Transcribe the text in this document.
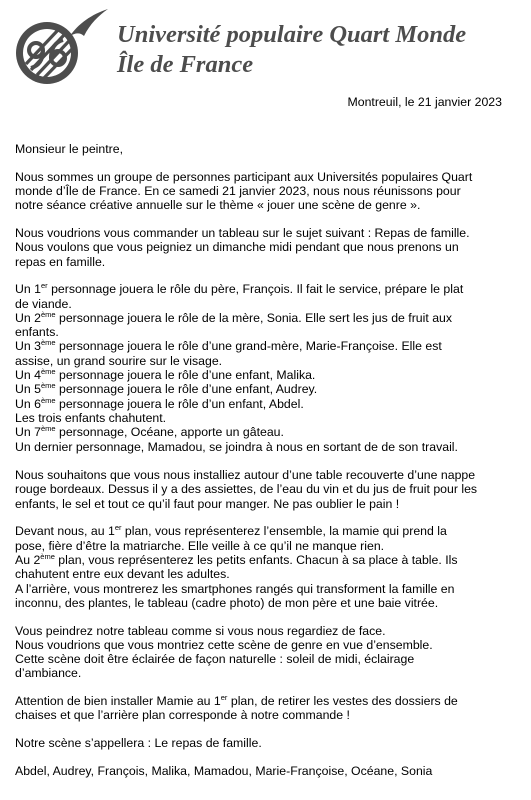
Université populaire Quart Monde
Île de France
Montreuil, le 21 janvier 2023

Monsieur le peintre,

Nous sommes un groupe de personnes participant aux Universités populaires Quart
monde d’Île de France. En ce samedi 21 janvier 2023, nous nous réunissons pour
notre séance créative annuelle sur le thème « jouer une scène de genre ».

Nous voudrions vous commander un tableau sur le sujet suivant : Repas de famille.
Nous voulons que vous peigniez un dimanche midi pendant que nous prenons un
repas en famille.

Un 1er personnage jouera le rôle du père, François. Il fait le service, prépare le plat
de viande.
Un 2ème personnage jouera le rôle de la mère, Sonia. Elle sert les jus de fruit aux
enfants.
Un 3ème personnage jouera le rôle d’une grand-mère, Marie-Françoise. Elle est
assise, un grand sourire sur le visage.
Un 4ème personnage jouera le rôle d’une enfant, Malika.
Un 5ème personnage jouera le rôle d’une enfant, Audrey.
Un 6ème personnage jouera le rôle d’un enfant, Abdel.
Les trois enfants chahutent.
Un 7ème personnage, Océane, apporte un gâteau.
Un dernier personnage, Mamadou, se joindra à nous en sortant de de son travail.

Nous souhaitons que vous nous installiez autour d’une table recouverte d’une nappe
rouge bordeaux. Dessus il y a des assiettes, de l’eau du vin et du jus de fruit pour les
enfants, le sel et tout ce qu’il faut pour manger. Ne pas oublier le pain !

Devant nous, au 1er plan, vous représenterez l’ensemble, la mamie qui prend la
pose, fière d’être la matriarche. Elle veille à ce qu’il ne manque rien.
Au 2ème plan, vous représenterez les petits enfants. Chacun à sa place à table. Ils
chahutent entre eux devant les adultes.
A l’arrière, vous montrerez les smartphones rangés qui transforment la famille en
inconnu, des plantes, le tableau (cadre photo) de mon père et une baie vitrée.

Vous peindrez notre tableau comme si vous nous regardiez de face.
Nous voudrions que vous montriez cette scène de genre en vue d’ensemble.
Cette scène doit être éclairée de façon naturelle : soleil de midi, éclairage
d’ambiance.

Attention de bien installer Mamie au 1er plan, de retirer les vestes des dossiers de
chaises et que l’arrière plan corresponde à notre commande !

Notre scène s’appellera : Le repas de famille.

Abdel, Audrey, François, Malika, Mamadou, Marie-Françoise, Océane, Sonia
